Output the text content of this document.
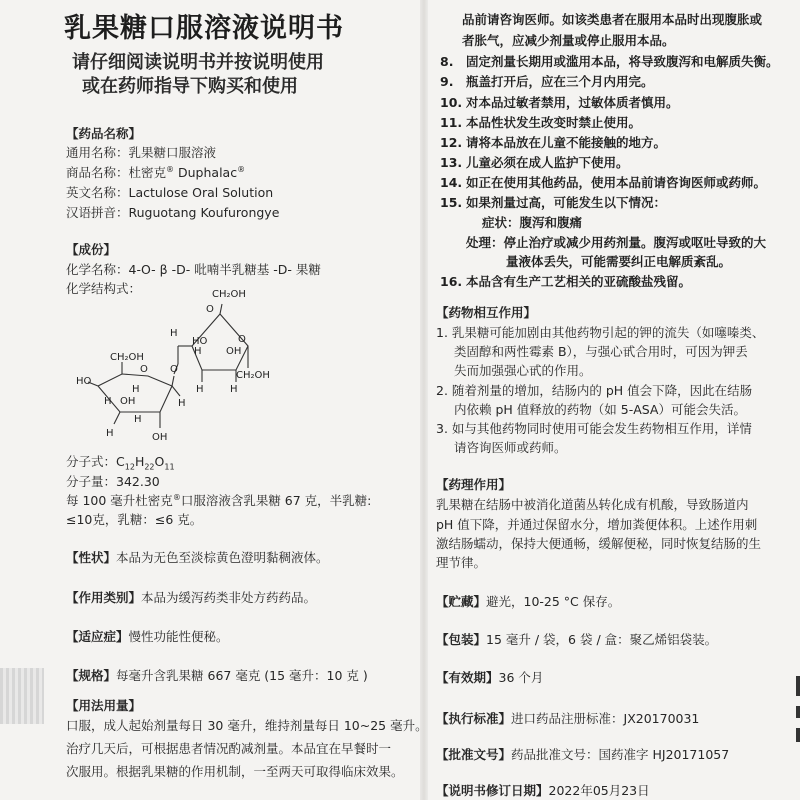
乳果糖口服溶液说明书
请仔细阅读说明书并按说明使用
或在药师指导下购买和使用
【药品名称】
通用名称：乳果糖口服溶液
商品名称：杜密克® Duphalac®
英文名称：Lactulose Oral Solution
汉语拼音：Ruguotang Koufurongye
【成份】
化学名称：4-O- β -D- 吡喃半乳糖基 -D- 果糖
化学结构式：	CH₂OH
O
H
H
HO
OH
O
H	H
CH₂OH
O
CH₂OH
HO
O
H
H OH	H
H
H
OH
分子式：$C_{12}H_{22}O_{11}$
分子量：342.30
每 100 毫升杜密克®口服溶液含乳果糖 67 克，半乳糖:
≤10克，乳糖：≤6 克。
【性状】本品为无色至淡棕黄色澄明黏稠液体。
【作用类别】本品为缓泻药类非处方药药品。
【适应症】慢性功能性便秘。
【规格】每毫升含乳果糖 667 毫克 (15 毫升：10 克 )
【用法用量】
口服，成人起始剂量每日 30 毫升，维持剂量每日 10~25 毫升。
治疗几天后，可根据患者情况酌减剂量。本品宜在早餐时一
次服用。根据乳果糖的作用机制，一至两天可取得临床效果。
品前请咨询医师。如该类患者在服用本品时出现腹胀或
者胀气，应减少剂量或停止服用本品。
8. 固定剂量长期用或滥用本品，将导致腹泻和电解质失衡。
9. 瓶盖打开后，应在三个月内用完。
10. 对本品过敏者禁用，过敏体质者慎用。
11. 本品性状发生改变时禁止使用。
12. 请将本品放在儿童不能接触的地方。
13. 儿童必须在成人监护下使用。
14. 如正在使用其他药品，使用本品前请咨询医师或药师。
15. 如果剂量过高，可能发生以下情况：
症状：腹泻和腹痛
处理：停止治疗或减少用药剂量。腹泻或呕吐导致的大
量液体丢失，可能需要纠正电解质紊乱。
16. 本品含有生产工艺相关的亚硫酸盐残留。
【药物相互作用】
1. 乳果糖可能加剧由其他药物引起的钾的流失（如噻嗪类、
类固醇和两性霉素 B），与强心甙合用时，可因为钾丢
失而加强强心甙的作用。
2. 随着剂量的增加，结肠内的 pH 值会下降，因此在结肠
内依赖 pH 值释放的药物（如 5-ASA）可能会失活。
3. 如与其他药物同时使用可能会发生药物相互作用，详情
请咨询医师或药师。
【药理作用】
乳果糖在结肠中被消化道菌丛转化成有机酸，导致肠道内
pH 值下降，并通过保留水分，增加粪便体积。上述作用刺
激结肠蠕动，保持大便通畅，缓解便秘，同时恢复结肠的生
理节律。
【贮藏】避光，10-25 °C 保存。
【包装】15 毫升 / 袋，6 袋 / 盒：聚乙烯铝袋装。
【有效期】36 个月
【执行标准】进口药品注册标准：JX20170031
【批准文号】药品批准文号：国药准字 HJ20171057
【说明书修订日期】2022年05月23日
